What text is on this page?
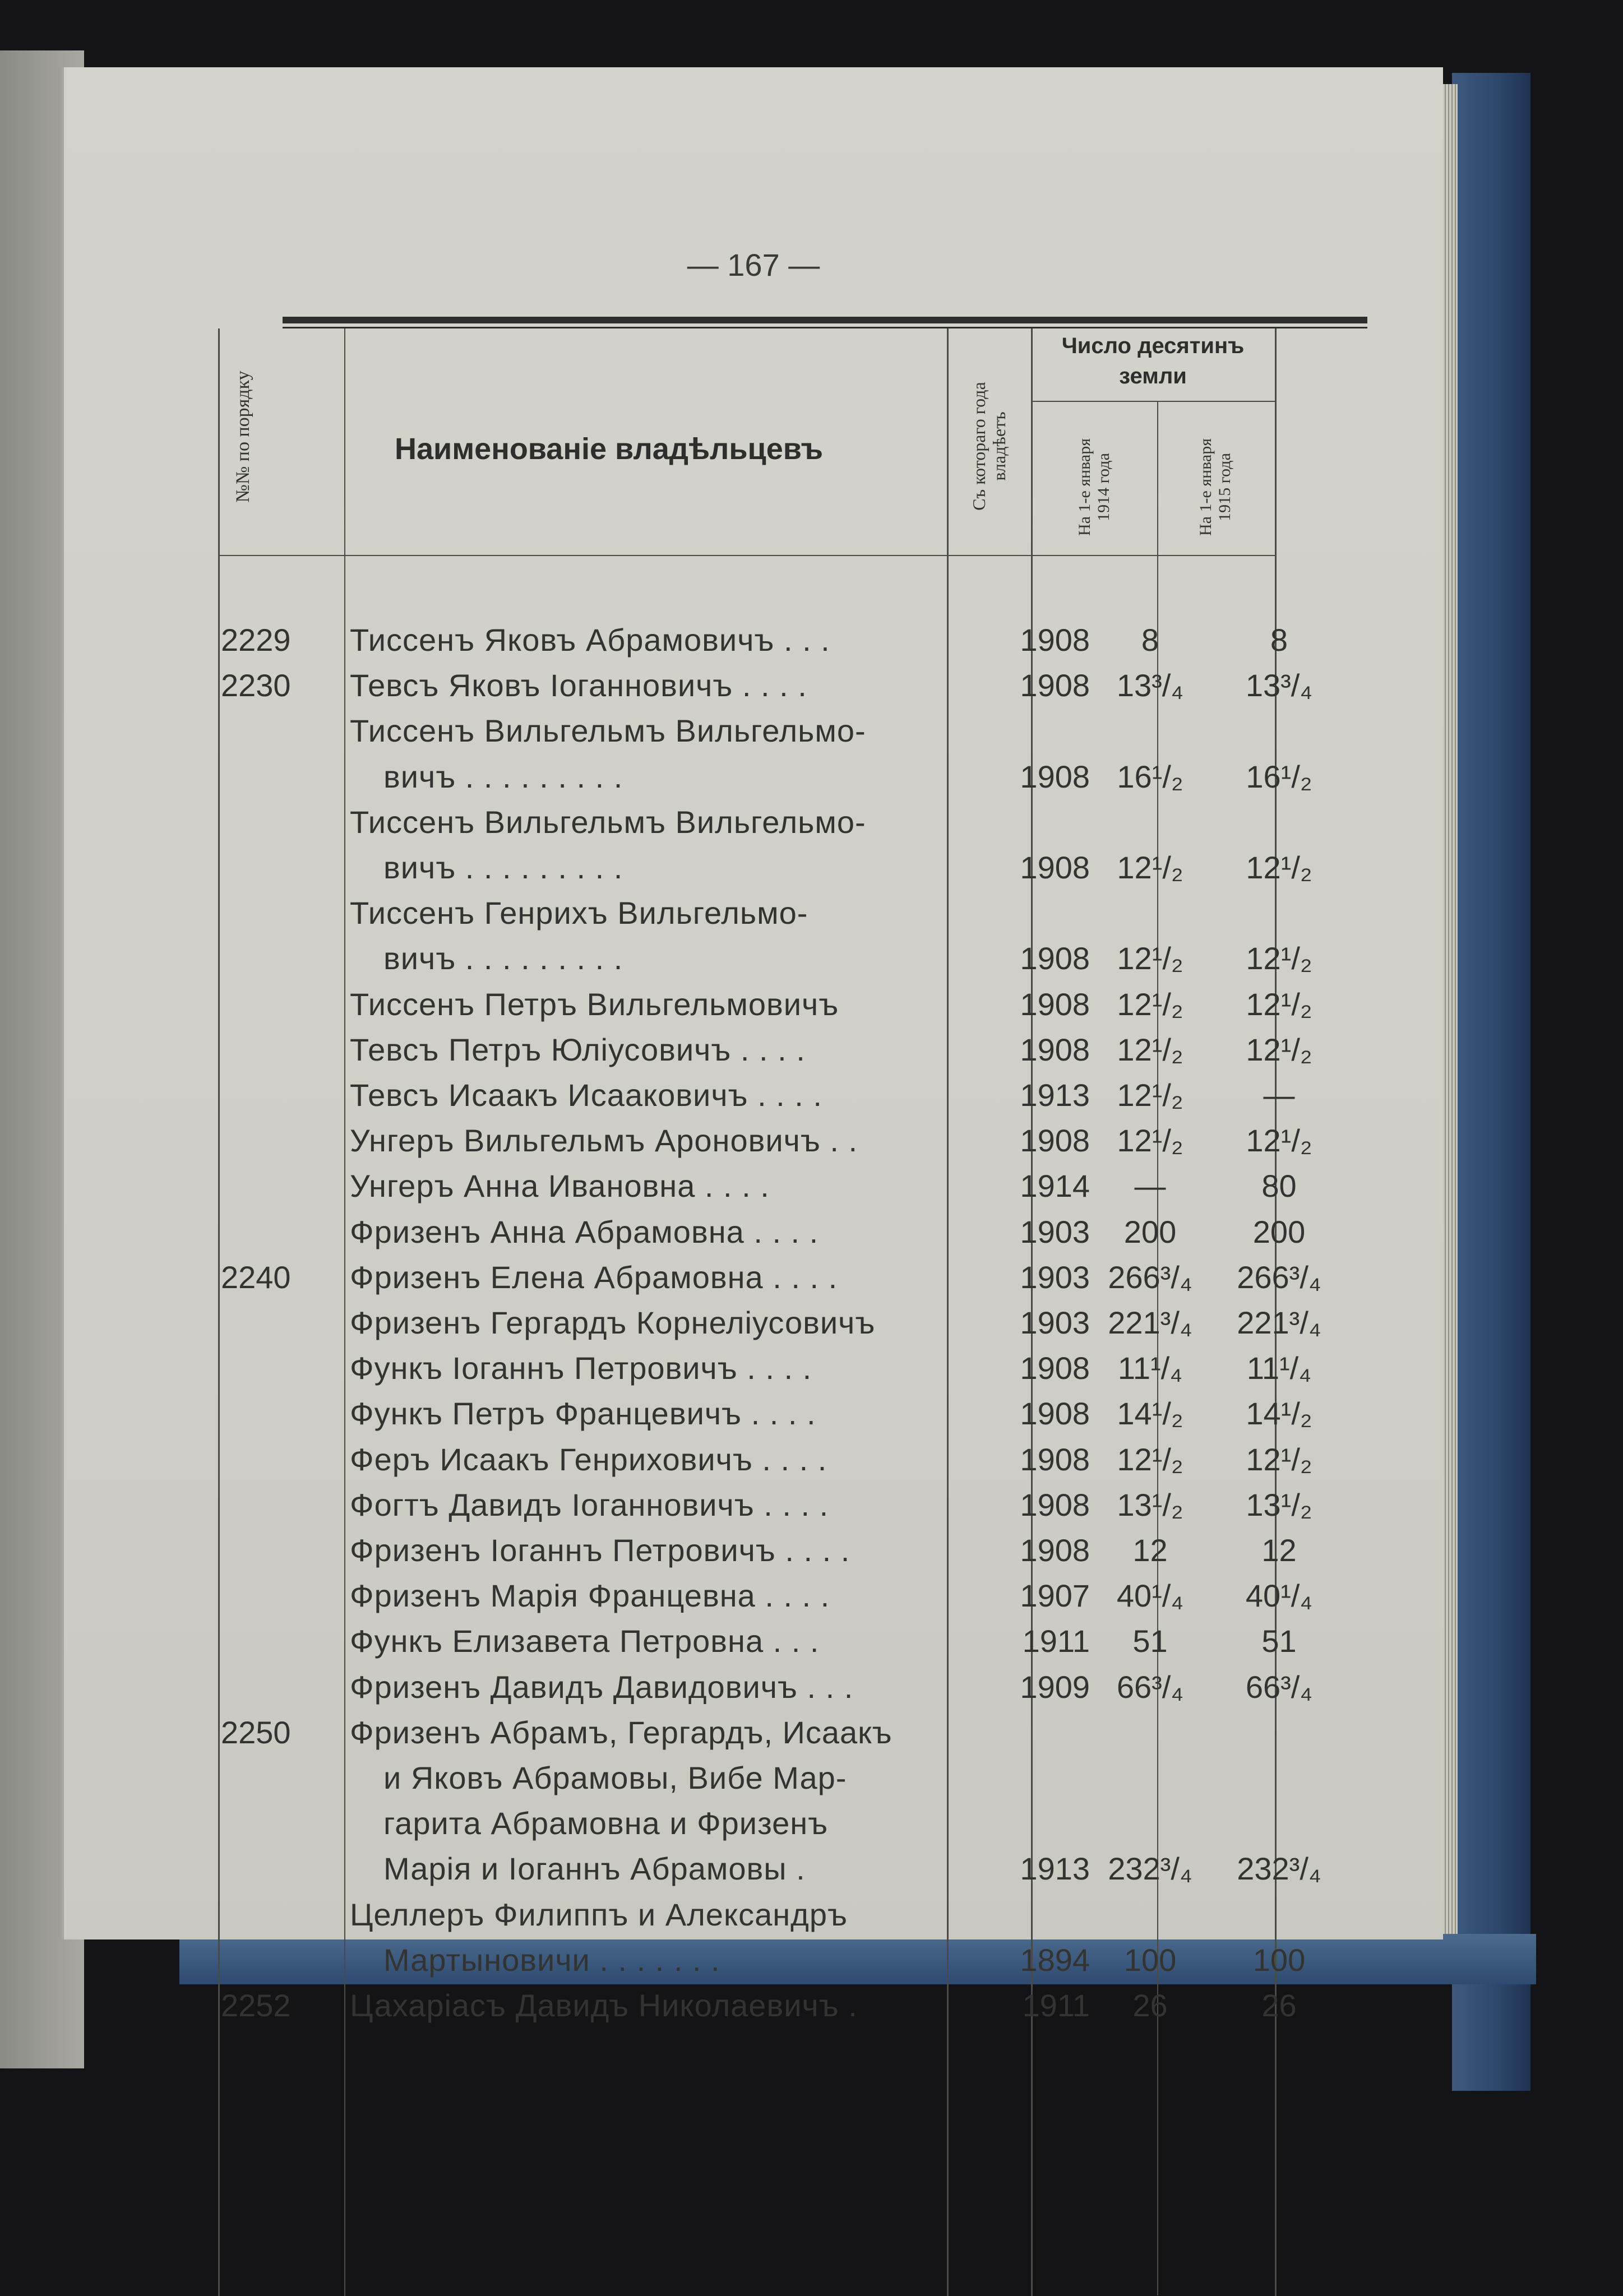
— 167 —
№№ по порядку	Наименованіе владѣльцевъ	Съ котораго года владѣетъ
Число десятинъ земли
На 1-е января 1914 года	На 1-е января 1915 года
2229	Тиссенъ Яковъ Абрамовичъ . . .	1908	8	8
2230	Тевсъ Яковъ Іоганновичъ . . . .	1908 13³/₄	13³/₄
Тиссенъ Вильгельмъ Вильгельмо-
вичъ . . . . . . . . .	1908 16¹/₂	16¹/₂
Тиссенъ Вильгельмъ Вильгельмо-
вичъ . . . . . . . . .	1908 12¹/₂	12¹/₂
Тиссенъ Генрихъ Вильгельмо-
вичъ . . . . . . . . .	1908 12¹/₂	12¹/₂
Тиссенъ Петръ Вильгельмовичъ	1908 12¹/₂	12¹/₂
Тевсъ Петръ Юліусовичъ . . . .	1908 12¹/₂	12¹/₂
Тевсъ Исаакъ Исааковичъ . . . .	1913 12¹/₂	—
Унгеръ Вильгельмъ Ароновичъ . .	1908 12¹/₂	12¹/₂
Унгеръ Анна Ивановна . . . .	1914	—	80
Фризенъ Анна Абрамовна . . . .	1903	200	200
2240	Фризенъ Елена Абрамовна . . . .	1903 266³/₄	266³/₄
Фризенъ Гергардъ Корнеліусовичъ	1903 221³/₄	221³/₄
Функъ Іоганнъ Петровичъ . . . .	1908 11¹/₄	11¹/₄
Функъ Петръ Францевичъ . . . .	1908 14¹/₂	14¹/₂
Феръ Исаакъ Генриховичъ . . . .	1908 12¹/₂	12¹/₂
Фогтъ Давидъ Іоганновичъ . . . .	1908 13¹/₂	13¹/₂
Фризенъ Іоганнъ Петровичъ . . . .	1908	12	12
Фризенъ Марія Францевна . . . .	1907 40¹/₄	40¹/₄
Функъ Елизавета Петровна . . .	1911	51	51
Фризенъ Давидъ Давидовичъ . . .	1909 66³/₄	66³/₄
2250	Фризенъ Абрамъ, Гергардъ, Исаакъ
и Яковъ Абрамовы, Вибе Мар-
гарита Абрамовна и Фризенъ
Марія и Іоганнъ Абрамовы .	1913 232³/₄	232³/₄
Целлеръ Филиппъ и Александръ
Мартыновичи . . . . . . .	1894	100	100
2252	Цахаріасъ Давидъ Николаевичъ .	1911	26	26
